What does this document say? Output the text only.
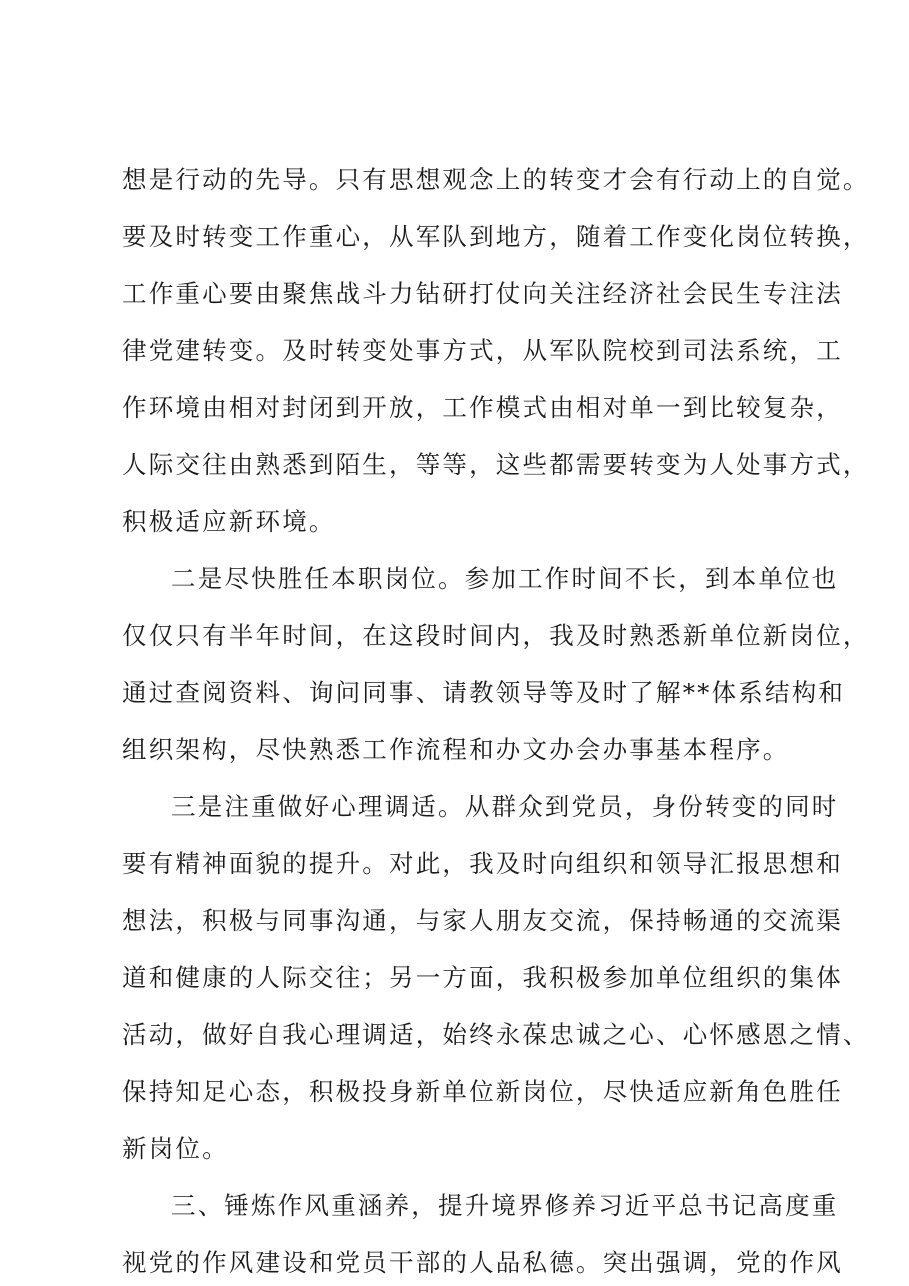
想是行动的先导。只有思想观念上的转变才会有行动上的自觉。
要及时转变工作重心，从军队到地方，随着工作变化岗位转换，
工作重心要由聚焦战斗力钻研打仗向关注经济社会民生专注法
律党建转变。及时转变处事方式，从军队院校到司法系统，工
作环境由相对封闭到开放，工作模式由相对单一到比较复杂，
人际交往由熟悉到陌生，等等，这些都需要转变为人处事方式，
积极适应新环境。
二是尽快胜任本职岗位。参加工作时间不长，到本单位也
仅仅只有半年时间，在这段时间内，我及时熟悉新单位新岗位，
通过查阅资料、询问同事、请教领导等及时了解**体系结构和
组织架构，尽快熟悉工作流程和办文办会办事基本程序。
三是注重做好心理调适。从群众到党员，身份转变的同时
要有精神面貌的提升。对此，我及时向组织和领导汇报思想和
想法，积极与同事沟通，与家人朋友交流，保持畅通的交流渠
道和健康的人际交往；另一方面，我积极参加单位组织的集体
活动，做好自我心理调适，始终永葆忠诚之心、心怀感恩之情、
保持知足心态，积极投身新单位新岗位，尽快适应新角色胜任
新岗位。
三、锤炼作风重涵养，提升境界修养习近平总书记高度重
视党的作风建设和党员干部的人品私德。突出强调，党的作风
